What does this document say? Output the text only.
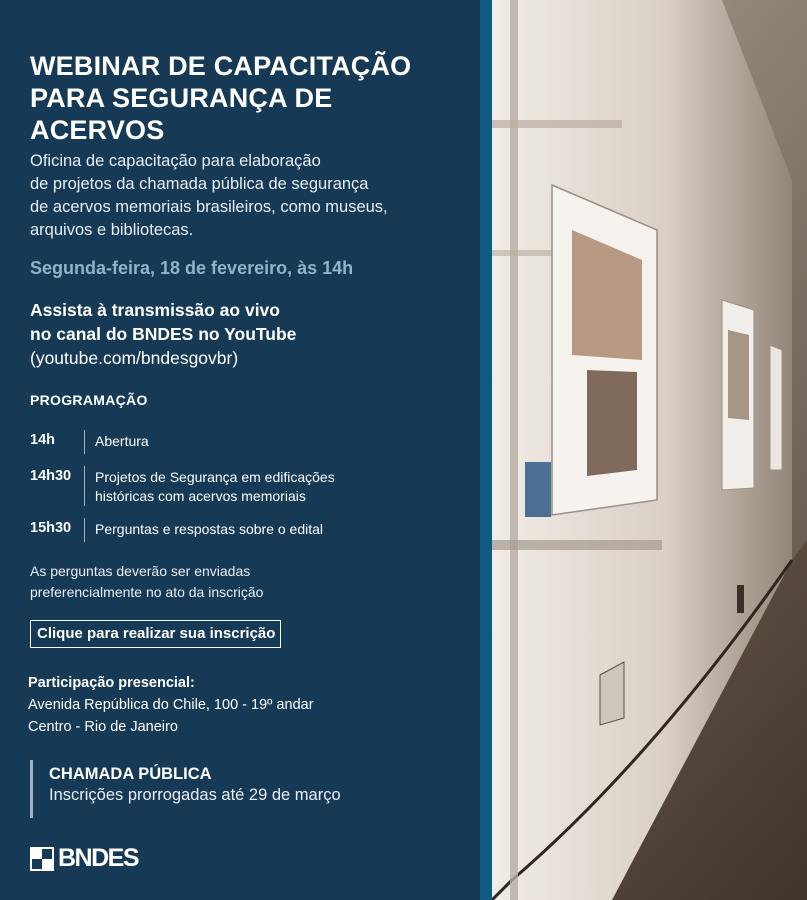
WEBINAR DE CAPACITAÇÃO
PARA SEGURANÇA DE ACERVOS
Oficina de capacitação para elaboração
de projetos da chamada pública de segurança
de acervos memoriais brasileiros, como museus,
arquivos e bibliotecas.
Segunda-feira, 18 de fevereiro, às 14h
Assista à transmissão ao vivo
no canal do BNDES no YouTube
(youtube.com/bndesgovbr)
PROGRAMAÇÃO
14h	Abertura
14h30	Projetos de Segurança em edificações
históricas com acervos memoriais
15h30	Perguntas e respostas sobre o edital
As perguntas deverão ser enviadas
preferencialmente no ato da inscrição
Clique para realizar sua inscrição
Participação presencial:
Avenida República do Chile, 100 - 19º andar
Centro - Rio de Janeiro
CHAMADA PÚBLICA
Inscrições prorrogadas até 29 de março
BNDES
